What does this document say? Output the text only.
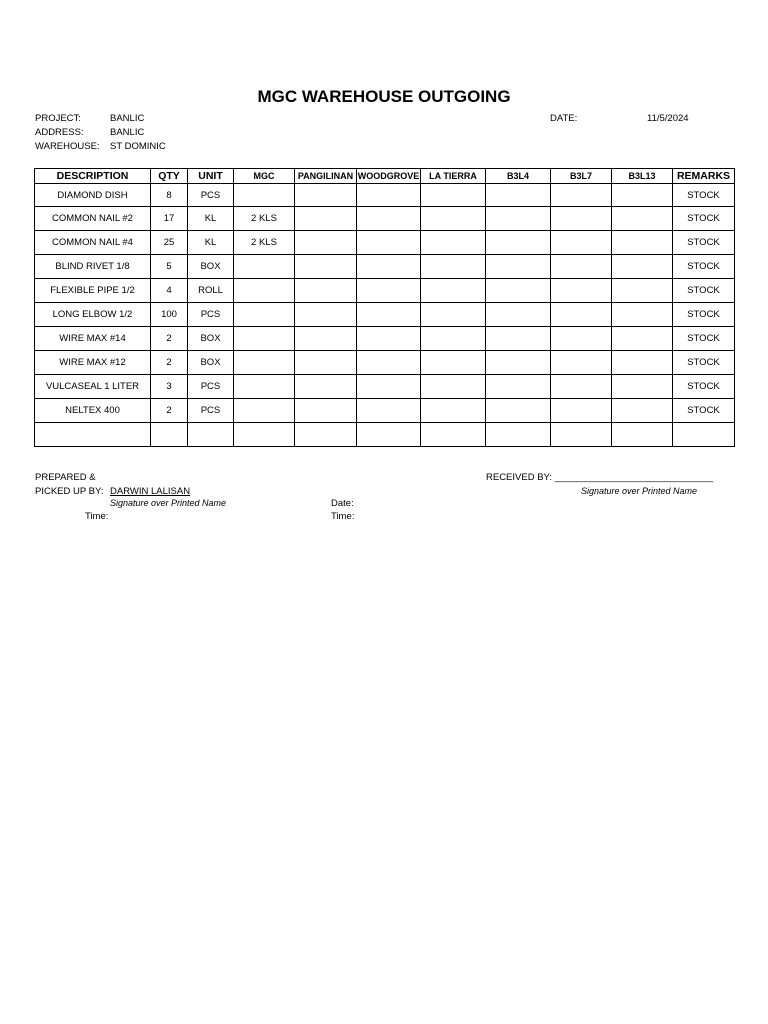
MGC WAREHOUSE OUTGOING
PROJECT:	BANLIC
ADDRESS:	BANLIC
WAREHOUSE: ST DOMINIC
DATE:	11/5/2024
DESCRIPTION	QTY	UNIT	MGC	PANGILINAN	WOODGROVE	LA TIERRA	B3L4	B3L7	B3L13	REMARKS
DIAMOND DISH	8	PCS								STOCK
COMMON NAIL #2	17	KL	2 KLS							STOCK
COMMON NAIL #4	25	KL	2 KLS							STOCK
BLIND RIVET 1/8	5	BOX								STOCK
FLEXIBLE PIPE 1/2	4	ROLL								STOCK
LONG ELBOW 1/2	100	PCS								STOCK
WIRE MAX #14	2	BOX								STOCK
WIRE MAX #12	2	BOX								STOCK
VULCASEAL 1 LITER	3	PCS								STOCK
NELTEX 400	2	PCS								STOCK

PREPARED &
PICKED UP BY: DARWIN LALISAN
Signature over Printed Name
Time:
Date:
Time:
RECEIVED BY: ______________________________
Signature over Printed Name
